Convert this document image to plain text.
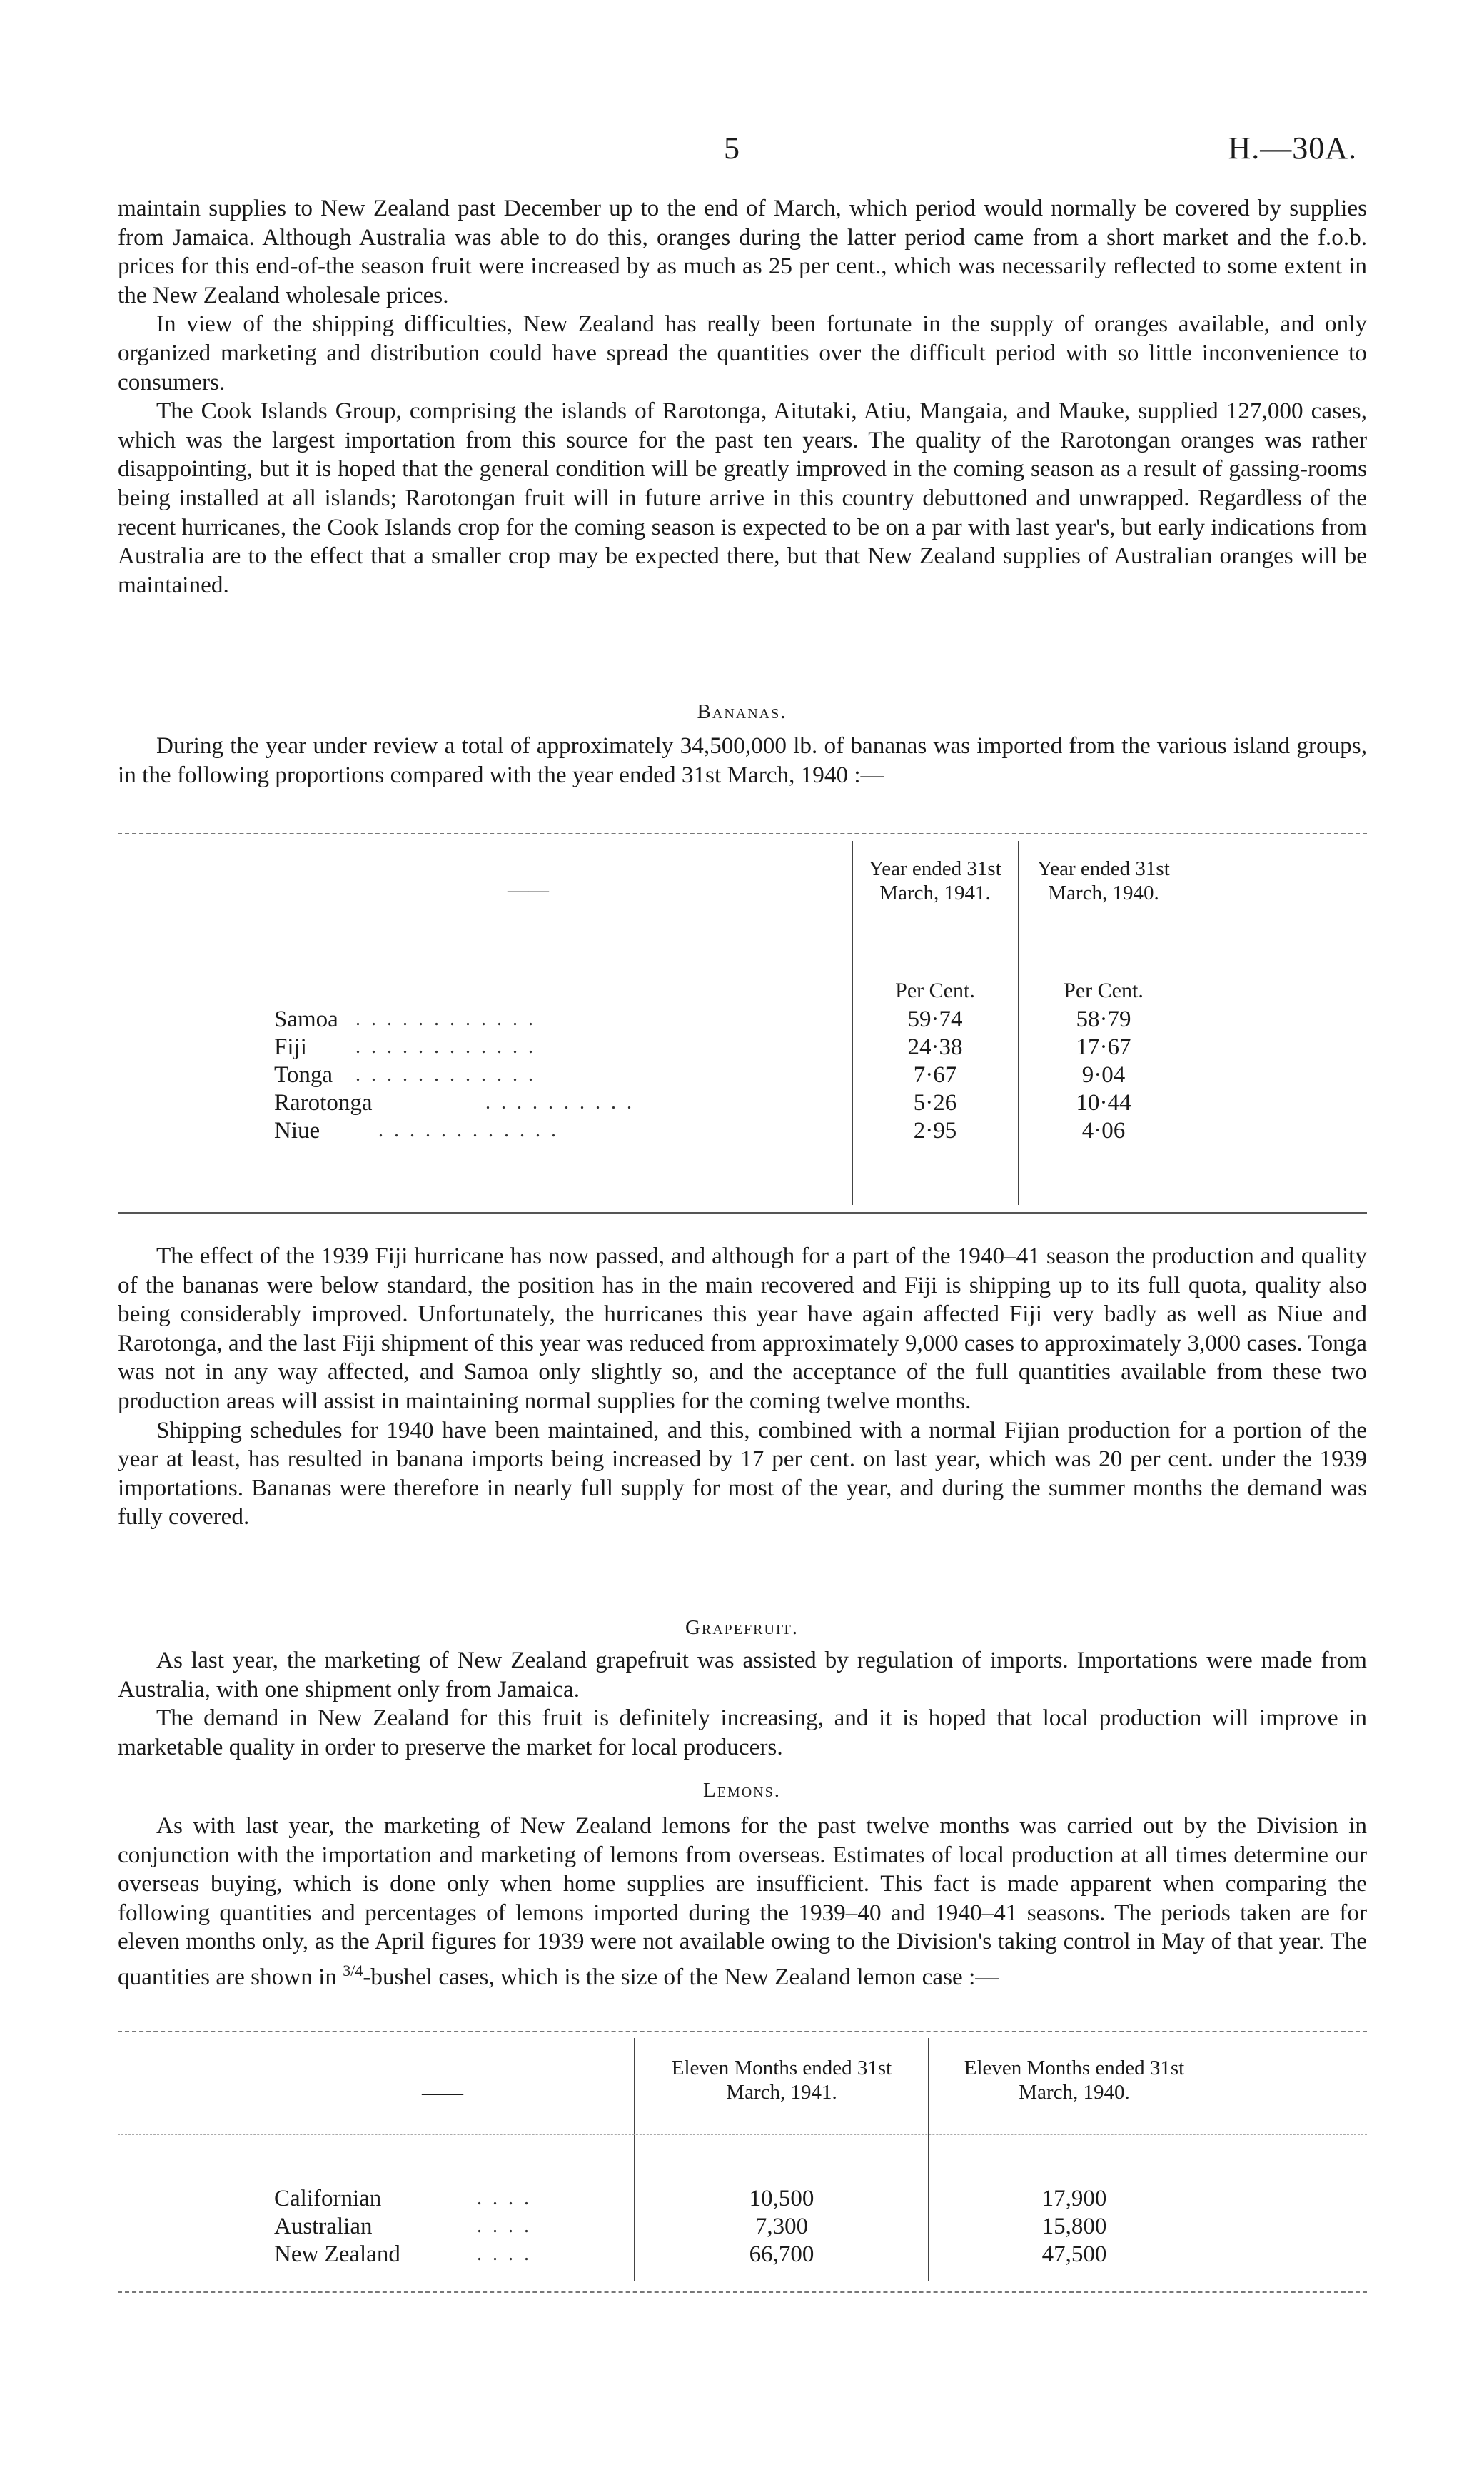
5	H.—30A.

maintain supplies to New Zealand past December up to the end of March, which period would normally be covered by supplies from Jamaica. Although Australia was able to do this, oranges during the latter period came from a short market and the f.o.b. prices for this end-of-the season fruit were increased by as much as 25 per cent., which was necessarily reflected to some extent in the New Zealand wholesale prices.

In view of the shipping difficulties, New Zealand has really been fortunate in the supply of oranges available, and only organized marketing and distribution could have spread the quantities over the difficult period with so little inconvenience to consumers.

The Cook Islands Group, comprising the islands of Rarotonga, Aitutaki, Atiu, Mangaia, and Mauke, supplied 127,000 cases, which was the largest importation from this source for the past ten years. The quality of the Rarotongan oranges was rather disappointing, but it is hoped that the general condition will be greatly improved in the coming season as a result of gassing-rooms being installed at all islands; Rarotongan fruit will in future arrive in this country debuttoned and unwrapped. Regardless of the recent hurricanes, the Cook Islands crop for the coming season is expected to be on a par with last year's, but early indications from Australia are to the effect that a smaller crop may be expected there, but that New Zealand supplies of Australian oranges will be maintained.

Bananas.

During the year under review a total of approximately 34,500,000 lb. of bananas was imported from the various island groups, in the following proportions compared with the year ended 31st March, 1940 :—

——
Year ended 31st March, 1941.
Year ended 31st March, 1940.
Per Cent.	Per Cent.
Samoa . . . . . . . . . . . .	59·74	58·79
Fiji . . . . . . . . . . . .	24·38	17·67
Tonga . . . . . . . . . . . .	7·67	9·04
Rarotonga	. . . . . . . . . .	5·26	10·44
Niue	. . . . . . . . . . . .	2·95	4·06

The effect of the 1939 Fiji hurricane has now passed, and although for a part of the 1940–41 season the production and quality of the bananas were below standard, the position has in the main recovered and Fiji is shipping up to its full quota, quality also being considerably improved. Unfortunately, the hurricanes this year have again affected Fiji very badly as well as Niue and Rarotonga, and the last Fiji shipment of this year was reduced from approximately 9,000 cases to approximately 3,000 cases. Tonga was not in any way affected, and Samoa only slightly so, and the acceptance of the full quantities available from these two production areas will assist in maintaining normal supplies for the coming twelve months.

Shipping schedules for 1940 have been maintained, and this, combined with a normal Fijian production for a portion of the year at least, has resulted in banana imports being increased by 17 per cent. on last year, which was 20 per cent. under the 1939 importations. Bananas were therefore in nearly full supply for most of the year, and during the summer months the demand was fully covered.

Grapefruit.

As last year, the marketing of New Zealand grapefruit was assisted by regulation of imports. Importations were made from Australia, with one shipment only from Jamaica.

The demand in New Zealand for this fruit is definitely increasing, and it is hoped that local production will improve in marketable quality in order to preserve the market for local producers.

Lemons.

As with last year, the marketing of New Zealand lemons for the past twelve months was carried out by the Division in conjunction with the importation and marketing of lemons from overseas. Estimates of local production at all times determine our overseas buying, which is done only when home supplies are insufficient. This fact is made apparent when comparing the following quantities and percentages of lemons imported during the 1939–40 and 1940–41 seasons. The periods taken are for eleven months only, as the April figures for 1939 were not available owing to the Division's taking control in May of that year. The quantities are shown in $^{3/4}$-bushel cases, which is the size of the New Zealand lemon case :—

——
Eleven Months ended 31st March, 1941.
Eleven Months ended 31st March, 1940.
Californian	. . . .	10,500	17,900
Australian	. . . .	7,300	15,800
New Zealand	. . . .	66,700	47,500
